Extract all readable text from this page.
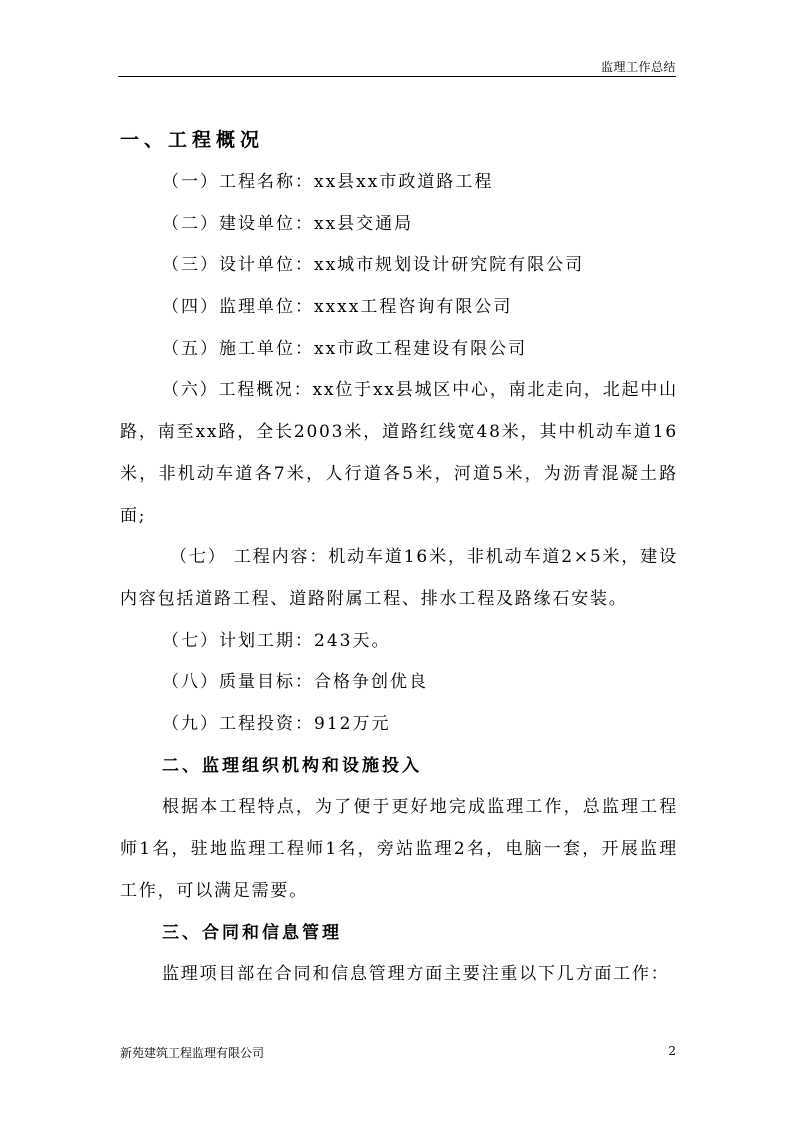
监理工作总结
一、工程概况
（一）工程名称：xx县xx市政道路工程
（二）建设单位：xx县交通局
（三）设计单位：xx城市规划设计研究院有限公司
（四）监理单位：xxxx工程咨询有限公司
（五）施工单位：xx市政工程建设有限公司
（六）工程概况：xx位于xx县城区中心，南北走向，北起中山路，南至xx路，全长2003米，道路红线宽48米，其中机动车道16米，非机动车道各7米，人行道各5米，河道5米，为沥青混凝土路面;
（七） 工程内容：机动车道16米，非机动车道2×5米，建设内容包括道路工程、道路附属工程、排水工程及路缘石安装。
（七）计划工期：243天。
（八）质量目标：合格争创优良
（九）工程投资：912万元
二、监理组织机构和设施投入
根据本工程特点，为了便于更好地完成监理工作，总监理工程师1名，驻地监理工程师1名，旁站监理2名，电脑一套，开展监理工作，可以满足需要。
三、合同和信息管理
监理项目部在合同和信息管理方面主要注重以下几方面工作：
新苑建筑工程监理有限公司	2
